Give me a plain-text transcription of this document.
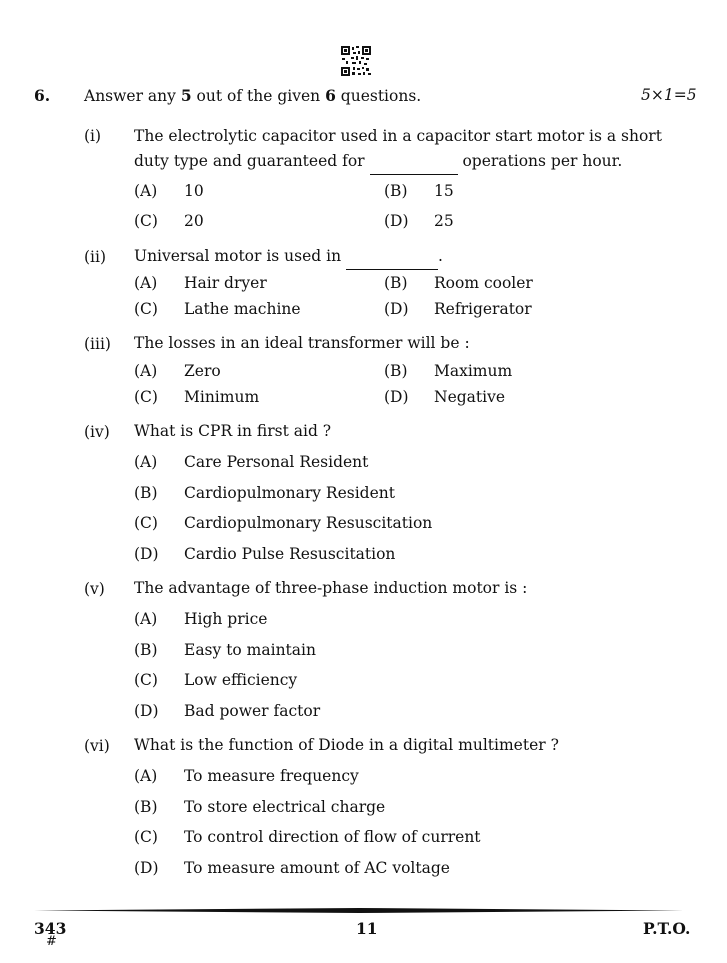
6. Answer any 5 out of the given 6 questions.	5×1=5
(i) The electrolytic capacitor used in a capacitor start motor is a short
duty type and guaranteed for	operations per hour.
(A) 10	(B) 15
(C) 20	(D) 25
(ii) Universal motor is used in	.
(A) Hair dryer	(B) Room cooler
(C) Lathe machine	(D) Refrigerator
(iii) The losses in an ideal transformer will be :
(A) Zero	(B) Maximum
(C) Minimum	(D) Negative
(iv) What is CPR in first aid ?
(A) Care Personal Resident
(B) Cardiopulmonary Resident
(C) Cardiopulmonary Resuscitation
(D) Cardio Pulse Resuscitation
(v) The advantage of three-phase induction motor is :
(A) High price
(B) Easy to maintain
(C) Low efficiency
(D) Bad power factor
(vi) What is the function of Diode in a digital multimeter ?
(A) To measure frequency
(B) To store electrical charge
(C) To control direction of flow of current
(D) To measure amount of AC voltage
343
#
11	P.T.O.
